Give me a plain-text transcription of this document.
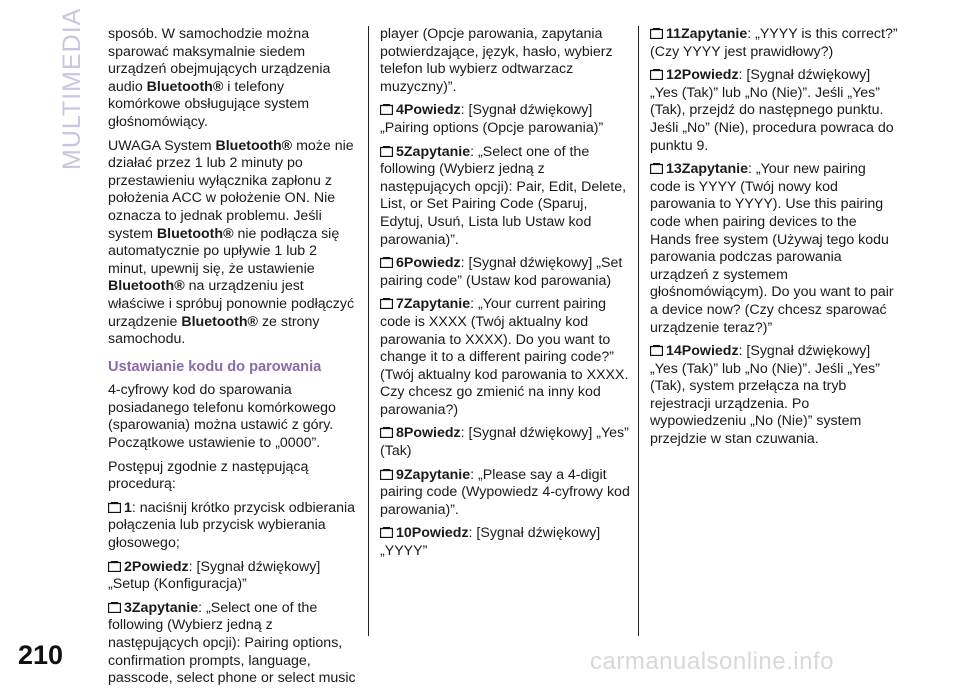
MULTIMEDIA sposób. W samochodzie można sparować maksymalnie siedem urządzeń obejmujących urządzenia audio Bluetooth® i telefony komórkowe obsługujące system głośnomówiący.

UWAGA System Bluetooth® może nie działać przez 1 lub 2 minuty po przestawieniu wyłącznika zapłonu z położenia ACC w położenie ON. Nie oznacza to jednak problemu. Jeśli system Bluetooth® nie podłącza się automatycznie po upływie 1 lub 2 minut, upewnij się, że ustawienie Bluetooth® na urządzeniu jest właściwe i spróbuj ponownie podłączyć urządzenie Bluetooth® ze strony samochodu.

Ustawianie kodu do parowania

4-cyfrowy kod do sparowania posiadanego telefonu komórkowego (sparowania) można ustawić z góry. Początkowe ustawienie to „0000”.

Postępuj zgodnie z następującą procedurą:

1: naciśnij krótko przycisk odbierania połączenia lub przycisk wybierania głosowego;

2Powiedz: [Sygnał dźwiękowy] „Setup (Konfiguracja)”

3Zapytanie: „Select one of the following (Wybierz jedną z następujących opcji): Pairing options, confirmation prompts, language, passcode, select phone or select music

player (Opcje parowania, zapytania potwierdzające, język, hasło, wybierz telefon lub wybierz odtwarzacz muzyczny)”.

4Powiedz: [Sygnał dźwiękowy] „Pairing options (Opcje parowania)”

5Zapytanie: „Select one of the following (Wybierz jedną z następujących opcji): Pair, Edit, Delete, List, or Set Pairing Code (Sparuj, Edytuj, Usuń, Lista lub Ustaw kod parowania)”.

6Powiedz: [Sygnał dźwiękowy] „Set pairing code” (Ustaw kod parowania)

7Zapytanie: „Your current pairing code is XXXX (Twój aktualny kod parowania to XXXX). Do you want to change it to a different pairing code?” (Twój aktualny kod parowania to XXXX. Czy chcesz go zmienić na inny kod parowania?)

8Powiedz: [Sygnał dźwiękowy] „Yes” (Tak)

9Zapytanie: „Please say a 4-digit pairing code (Wypowiedz 4-cyfrowy kod parowania)”.

10Powiedz: [Sygnał dźwiękowy] „YYYY”

11Zapytanie: „YYYY is this correct?” (Czy YYYY jest prawidłowy?)

12Powiedz: [Sygnał dźwiękowy] „Yes (Tak)” lub „No (Nie)”. Jeśli „Yes” (Tak), przejdź do następnego punktu. Jeśli „No” (Nie), procedura powraca do punktu 9.

13Zapytanie: „Your new pairing code is YYYY (Twój nowy kod parowania to YYYY). Use this pairing code when pairing devices to the Hands free system (Używaj tego kodu parowania podczas parowania urządzeń z systemem głośnomówiącym). Do you want to pair a device now? (Czy chcesz sparować urządzenie teraz?)”

14Powiedz: [Sygnał dźwiękowy] „Yes (Tak)” lub „No (Nie)”. Jeśli „Yes” (Tak), system przełącza na tryb rejestracji urządzenia. Po wypowiedzeniu „No (Nie)” system przejdzie w stan czuwania.

210	carmanualsonline.info
